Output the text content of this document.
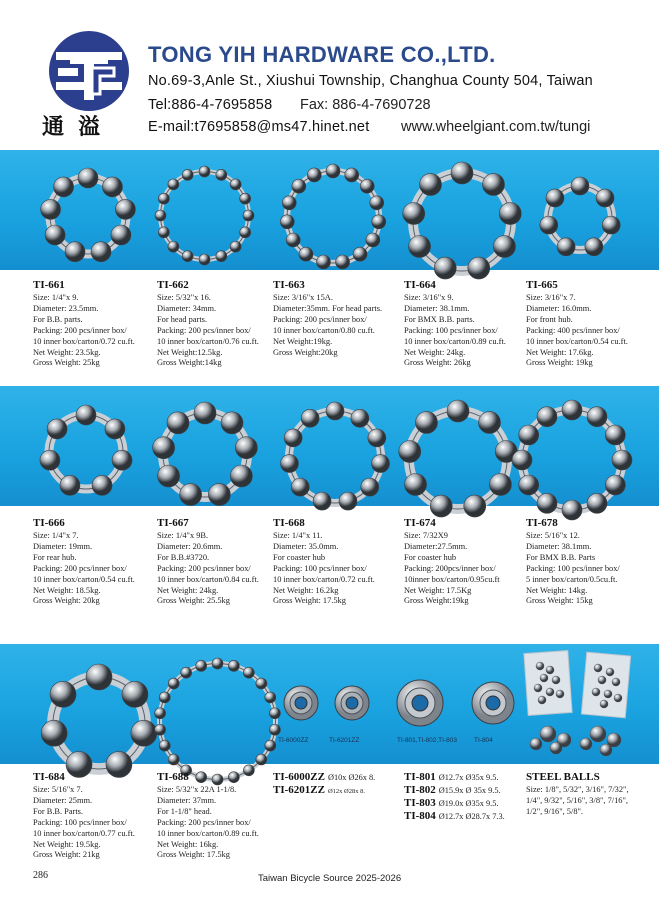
通溢
TONG YIH HARDWARE CO.,LTD.
No.69-3,Anle St., Xiushui Township, Changhua County 504, Taiwan
Tel:886-4-7695858 Fax: 886-4-7690728
E-mail:t7695858@ms47.hinet.net www.wheelgiant.com.tw/tungi
TI-6000ZZ	TI-6201ZZ	TI-801,TI-802,TI-803	TI-804
TI-661
Size: 1/4"x 9.
Diameter: 23.5mm.
For B.B. parts.
Packing: 200 pcs/inner box/
10 inner box/carton/0.72 cu.ft.
Net Weight: 23.5kg.
Gross Weight: 25kg
TI-662
Size: 5/32"x 16.
Diameter: 34mm.
For head parts.
Packing: 200 pcs/inner box/
10 inner box/carton/0.76 cu.ft.
Net Weight:12.5kg.
Gross Weight:14kg
TI-663
Size: 3/16"x 15A.
Diameter:35mm. For head parts.
Packing: 200 pcs/inner box/
10 inner box/carton/0.80 cu.ft.
Net Weight:19kg.
Gross Weight:20kg
TI-664
Size: 3/16"x 9.
Diameter: 38.1mm.
For BMX B.B. parts.
Packing: 100 pcs/inner box/
10 inner box/carton/0.89 cu.ft.
Net Weight: 24kg.
Gross Weight: 26kg
TI-665
Size: 3/16"x 7.
Diameter: 16.0mm.
For front hub.
Packing: 400 pcs/inner box/
10 inner box/carton/0.54 cu.ft.
Net Weight: 17.6kg.
Gross Weight: 19kg
TI-666
Size: 1/4"x 7.
Diameter: 19mm.
For rear hub.
Packing: 200 pcs/inner box/
10 inner box/carton/0.54 cu.ft.
Net Weight: 18.5kg.
Gross Weight: 20kg
TI-667
Size: 1/4"x 9B.
Diameter: 20.6mm.
For B.B.#3720.
Packing: 200 pcs/inner box/
10 inner box/carton/0.84 cu.ft.
Net Weight: 24kg.
Gross Weight: 25.5kg
TI-668
Size: 1/4"x 11.
Diameter: 35.0mm.
For coaster hub
Packing: 100 pcs/inner box/
10 inner box/carton/0.72 cu.ft.
Net Weight: 16.2kg
Gross Weight: 17.5kg
TI-674
Size: 7/32X9
Diameter:27.5mm.
For coaster hub
Packing: 200pcs/inner box/
10inner box/carton/0.95cu.ft
Net Weight: 17.5Kg
Gross Weight:19kg
TI-678
Size: 5/16"x 12.
Diameter: 38.1mm.
For BMX B.B. Parts
Packing: 100 pcs/inner box/
5 inner box/carton/0.5cu.ft.
Net Weight: 14kg.
Gross Weight: 15kg
TI-684
Size: 5/16"x 7.
Diameter: 25mm.
For B.B. Parts.
Packing: 100 pcs/inner box/
10 inner box/carton/0.77 cu.ft.
Net Weight: 19.5kg.
Gross Weight: 21kg
TI-688
Size: 5/32"x 22A 1-1/8.
Diameter: 37mm.
For 1-1/8" head.
Packing: 200 pcs/inner box/
10 inner box/carton/0.89 cu.ft.
Net Weight: 16kg.
Gross Weight: 17.5kg
TI-6000ZZ Ø10x Ø26x 8.
TI-6201ZZ Ø12x Ø28x 8.
TI-801 Ø12.7x Ø35x 9.5.
TI-802 Ø15.9x Ø 35x 9.5.
TI-803 Ø19.0x Ø35x 9.5.
TI-804 Ø12.7x Ø28.7x 7.3.
STEEL BALLS
Size: 1/8", 5/32", 3/16", 7/32",
1/4", 9/32", 5/16", 3/8", 7/16",
1/2", 9/16", 5/8".
286	Taiwan Bicycle Source 2025-2026
